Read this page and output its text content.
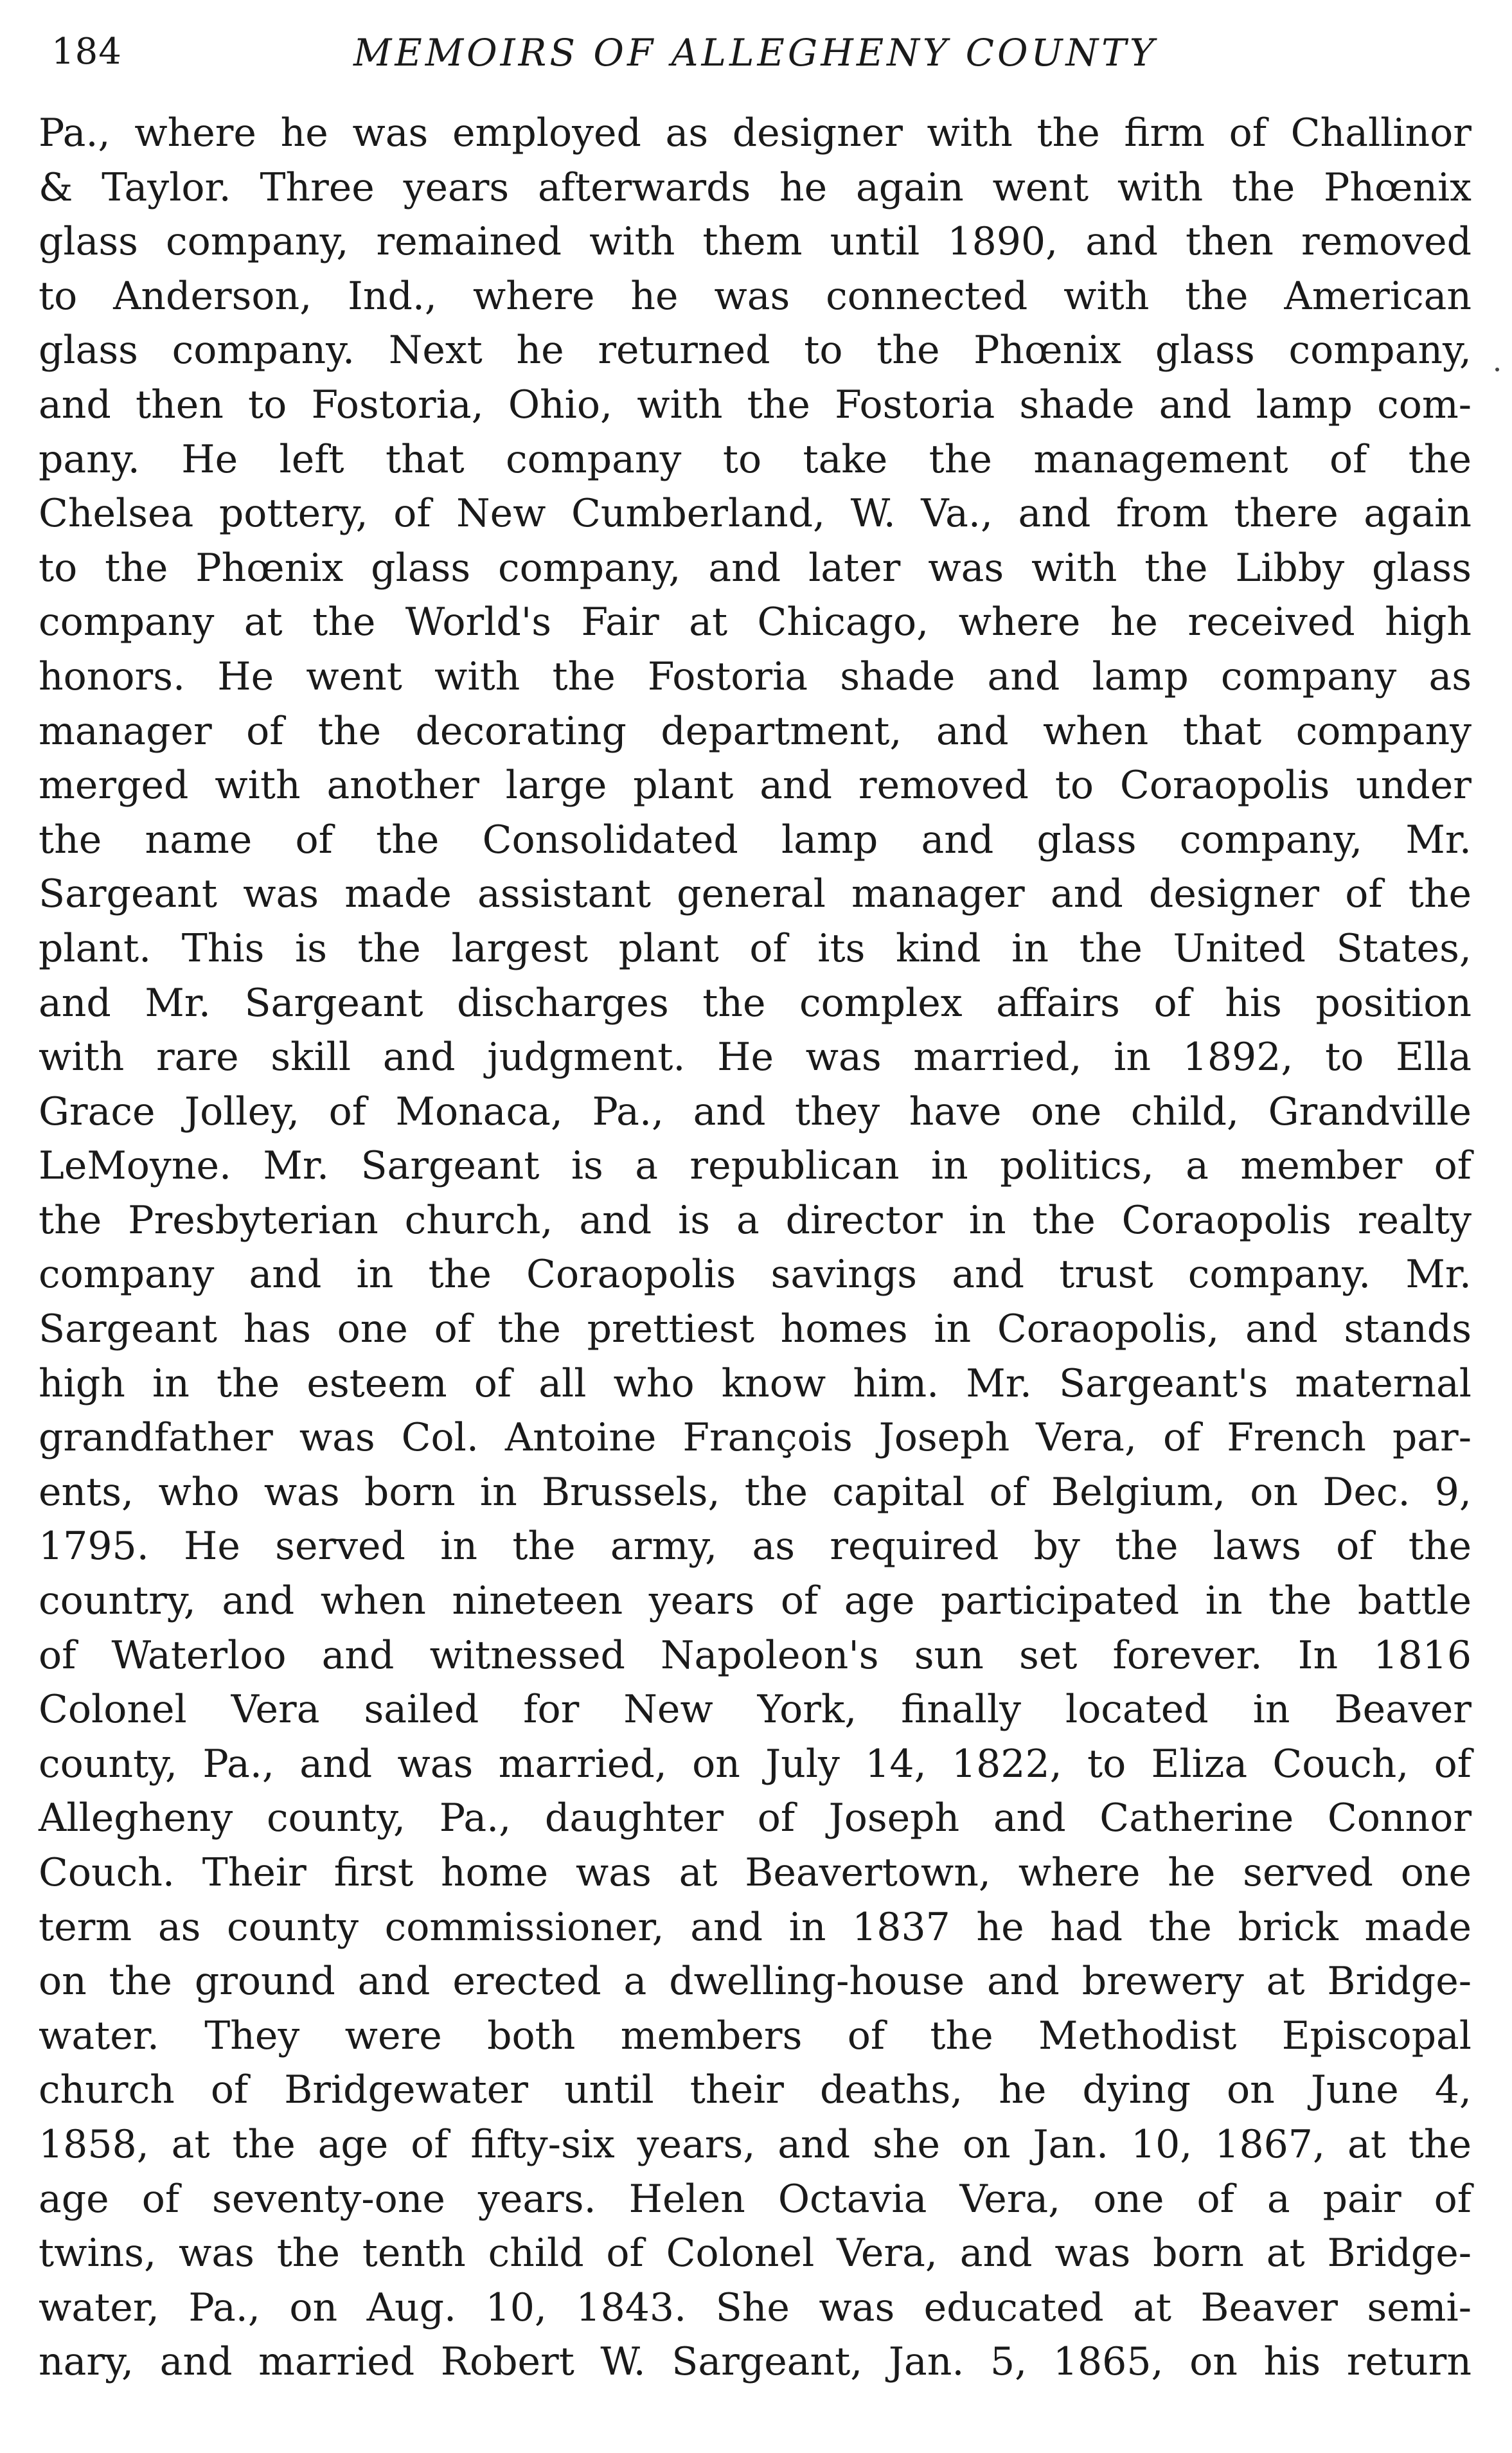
184	MEMOIRS OF ALLEGHENY COUNTY
Pa., where he was employed as designer with the firm of Challinor
& Taylor. Three years afterwards he again went with the Phœnix
glass company, remained with them until 1890, and then removed
to Anderson, Ind., where he was connected with the American
glass company. Next he returned to the Phœnix glass company,
and then to Fostoria, Ohio, with the Fostoria shade and lamp com-
pany. He left that company to take the management of the
Chelsea pottery, of New Cumberland, W. Va., and from there again
to the Phœnix glass company, and later was with the Libby glass
company at the World's Fair at Chicago, where he received high
honors. He went with the Fostoria shade and lamp company as
manager of the decorating department, and when that company
merged with another large plant and removed to Coraopolis under
the name of the Consolidated lamp and glass company, Mr.
Sargeant was made assistant general manager and designer of the
plant. This is the largest plant of its kind in the United States,
and Mr. Sargeant discharges the complex affairs of his position
with rare skill and judgment. He was married, in 1892, to Ella
Grace Jolley, of Monaca, Pa., and they have one child, Grandville
LeMoyne. Mr. Sargeant is a republican in politics, a member of
the Presbyterian church, and is a director in the Coraopolis realty
company and in the Coraopolis savings and trust company. Mr.
Sargeant has one of the prettiest homes in Coraopolis, and stands
high in the esteem of all who know him. Mr. Sargeant's maternal
grandfather was Col. Antoine François Joseph Vera, of French par-
ents, who was born in Brussels, the capital of Belgium, on Dec. 9,
1795. He served in the army, as required by the laws of the
country, and when nineteen years of age participated in the battle
of Waterloo and witnessed Napoleon's sun set forever. In 1816
Colonel Vera sailed for New York, finally located in Beaver
county, Pa., and was married, on July 14, 1822, to Eliza Couch, of
Allegheny county, Pa., daughter of Joseph and Catherine Connor
Couch. Their first home was at Beavertown, where he served one
term as county commissioner, and in 1837 he had the brick made
on the ground and erected a dwelling-house and brewery at Bridge-
water. They were both members of the Methodist Episcopal
church of Bridgewater until their deaths, he dying on June 4,
1858, at the age of fifty-six years, and she on Jan. 10, 1867, at the
age of seventy-one years. Helen Octavia Vera, one of a pair of
twins, was the tenth child of Colonel Vera, and was born at Bridge-
water, Pa., on Aug. 10, 1843. She was educated at Beaver semi-
nary, and married Robert W. Sargeant, Jan. 5, 1865, on his return
